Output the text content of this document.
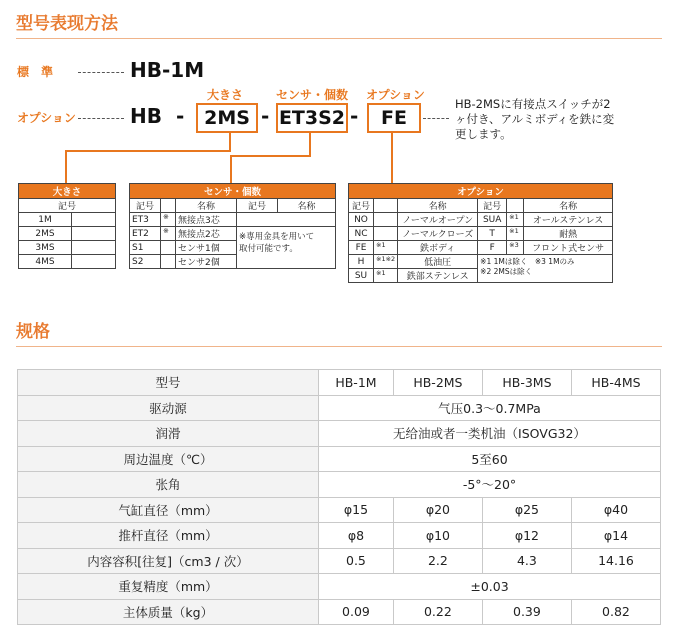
型号表现方法
標　準	HB-1M
オプション	HB -
大きさ
2MS -
センサ・個数
ET3S2 -
オプション
FE
HB-2MSに有接点スイッチが2
ヶ付き、アルミボディを鉄に変
更します。
大きさ	
記号	
1M	
2MS	
3MS	
4MS	
センサ・個数				
記号		名称	記号	名称
ET3	※	無接点3芯		
ET2	※	無接点2芯	※専用金具を用いて
取付可能です。	

S1		センサ1個		
S2		センサ2個		
オプション					
記号		名称	記号		名称
NO		ノーマルオープン	SUA	※1	オールステンレス
NC		ノーマルクローズ	T	※1	耐熱
FE	※1	鉄ボディ	F	※3	フロント式センサ
H	※1※2	低油圧	※1 1Mは除く　※3 1Mのみ
※2 2MSは除く		

SU	※1	鉄部ステンレス			
规格
型号	HB-1M	HB-2MS	HB-3MS	HB-4MS
驱动源	气压0.3～0.7MPa			
润滑	无给油或者一类机油（ISOVG32）			
周边温度（℃）	5至60			
张角	-5°～20°			
气缸直径（mm）	φ15	φ20	φ25	φ40
推杆直径（mm）	φ8	φ10	φ12	φ14
内容容积[往复]（cm3 / 次）	0.5	2.2	4.3	14.16
重复精度（mm）	±0.03			
主体质量（kg）	0.09	0.22	0.39	0.82
